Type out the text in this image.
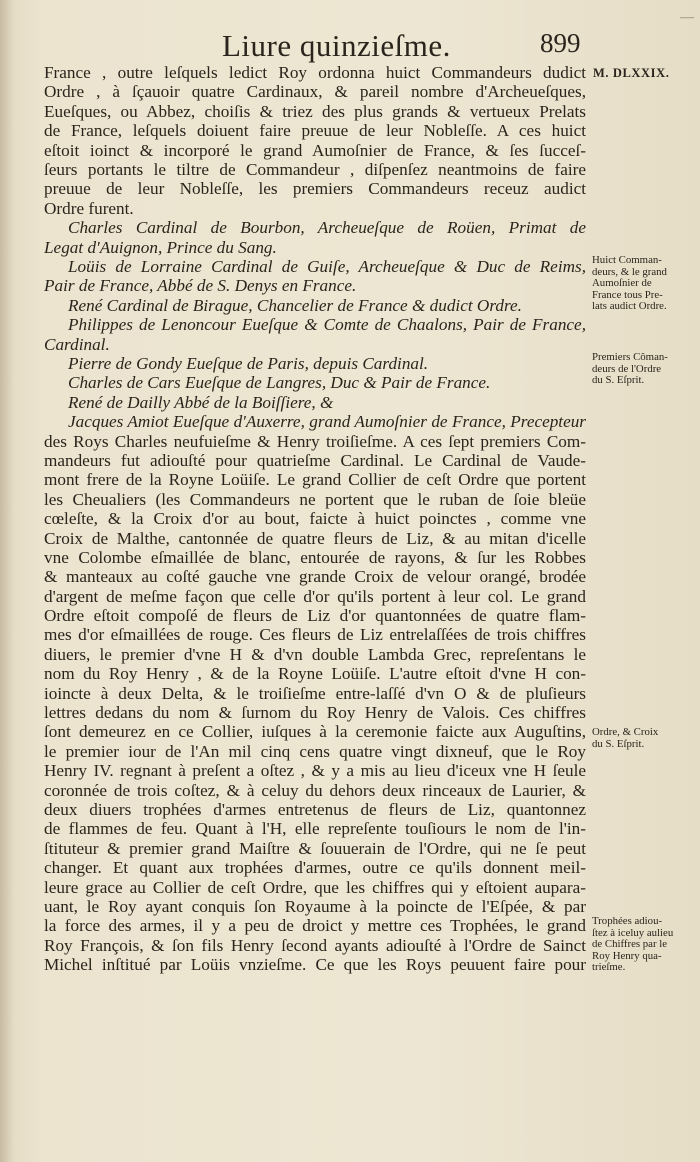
Liure quinzieſme.	899
—
M. DLXXIX.
Huict Comman-
deurs, & le grand
Aumoſnier de
France tous Pre-
lats audict Ordre.
Premiers Côman-
deurs de l'Ordre
du S. Eſprit.
Ordre, & Croix
du S. Eſprit.
Trophées adiou-
ſtez à iceluy aulieu
de Chiffres par le
Roy Henry qua-
trieſme.
France , outre leſquels ledict Roy ordonna huict Commandeurs dudict
Ordre , à ſçauoir quatre Cardinaux, & pareil nombre d'Archeueſques,
Eueſques, ou Abbez, choiſis & triez des plus grands & vertueux Prelats
de France, leſquels doiuent faire preuue de leur Nobleſſe. A ces huict
eſtoit ioinct & incorporé le grand Aumoſnier de France, & ſes ſucceſ-
ſeurs portants le tiltre de Commandeur , diſpenſez neantmoins de faire
preuue de leur Nobleſſe, les premiers Commandeurs receuz audict
Ordre furent.
Charles Cardinal de Bourbon, Archeueſque de Roüen, Primat de
Legat d'Auignon, Prince du Sang.
Loüis de Lorraine Cardinal de Guiſe, Archeueſque & Duc de Reims,
Pair de France, Abbé de S. Denys en France.
René Cardinal de Birague, Chancelier de France & dudict Ordre.
Philippes de Lenoncour Eueſque & Comte de Chaalons, Pair de France,
Cardinal.
Pierre de Gondy Eueſque de Paris, depuis Cardinal.
Charles de Cars Eueſque de Langres, Duc & Pair de France.
René de Dailly Abbé de la Boiſſiere, &
Jacques Amiot Eueſque d'Auxerre, grand Aumoſnier de France, Precepteur
des Roys Charles neufuieſme & Henry troiſieſme. A ces ſept premiers Com-
mandeurs fut adiouſté pour quatrieſme Cardinal. Le Cardinal de Vaude-
mont frere de la Royne Loüiſe. Le grand Collier de ceſt Ordre que portent
les Cheualiers (les Commandeurs ne portent que le ruban de ſoie bleüe
cœleſte, & la Croix d'or au bout, faicte à huict poinctes , comme vne
Croix de Malthe, cantonnée de quatre fleurs de Liz, & au mitan d'icelle
vne Colombe eſmaillée de blanc, entourée de rayons, & ſur les Robbes
& manteaux au coſté gauche vne grande Croix de velour orangé, brodée
d'argent de meſme façon que celle d'or qu'ils portent à leur col. Le grand
Ordre eſtoit compoſé de fleurs de Liz d'or quantonnées de quatre flam-
mes d'or eſmaillées de rouge. Ces fleurs de Liz entrelaſſées de trois chiffres
diuers, le premier d'vne H & d'vn double Lambda Grec, repreſentans le
nom du Roy Henry , & de la Royne Loüiſe. L'autre eſtoit d'vne H con-
ioincte à deux Delta, & le troiſieſme entre-laſſé d'vn O & de pluſieurs
lettres dedans du nom & ſurnom du Roy Henry de Valois. Ces chiffres
ſont demeurez en ce Collier, iuſques à la ceremonie faicte aux Auguſtins,
le premier iour de l'An mil cinq cens quatre vingt dixneuf, que le Roy
Henry IV. regnant à preſent a oſtez , & y a mis au lieu d'iceux vne H ſeule
coronnée de trois coſtez, & à celuy du dehors deux rinceaux de Laurier, &
deux diuers trophées d'armes entretenus de fleurs de Liz, quantonnez
de flammes de feu. Quant à l'H, elle repreſente touſiours le nom de l'in-
ſtituteur & premier grand Maiſtre & ſouuerain de l'Ordre, qui ne ſe peut
changer. Et quant aux trophées d'armes, outre ce qu'ils donnent meil-
leure grace au Collier de ceſt Ordre, que les chiffres qui y eſtoient aupara-
uant, le Roy ayant conquis ſon Royaume à la poincte de l'Eſpée, & par
la force des armes, il y a peu de droict y mettre ces Trophées, le grand
Roy François, & ſon fils Henry ſecond ayants adiouſté à l'Ordre de Sainct
Michel inſtitué par Loüis vnzieſme. Ce que les Roys peuuent faire pour
